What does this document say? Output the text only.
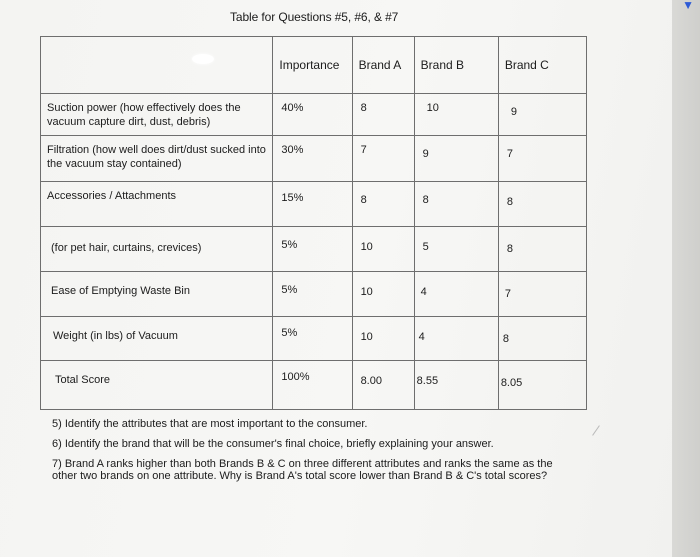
▼
Table for Questions #5, #6, & #7
	Importance	Brand A	Brand B	Brand C
Suction power (how effectively does the vacuum capture dirt, dust, debris)	40%	8	10	9
Filtration (how well does dirt/dust sucked into the vacuum stay contained)	30%	7	9	7
Accessories / Attachments	15%	8	8	8
(for pet hair, curtains, crevices)	5%	10	5	8
Ease of Emptying Waste Bin	5%	10	4	7
Weight (in lbs) of Vacuum	5%	10	4	8
Total Score	100%	8.00	8.55	8.05

5) Identify the attributes that are most important to the consumer.

6) Identify the brand that will be the consumer's final choice, briefly explaining your answer.

7) Brand A ranks higher than both Brands B & C on three different attributes and ranks the same as the other two brands on one attribute. Why is Brand A's total score lower than Brand B & C's total scores?
